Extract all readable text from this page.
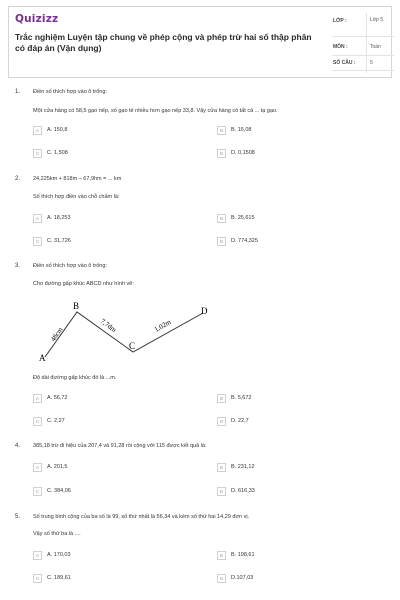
Quizizz
Trắc nghiệm Luyện tập chung về phép cộng và phép trừ hai số thập phân có đáp án (Vận dụng)
LỚP :	Lớp 5
MÔN :	Toán
SỐ CÂU :	5
1. Điền số thích hợp vào ô trống:
Một cửa hàng có 58,5 gạo nếp, số gạo tẻ nhiều hơn gạo nếp 33,8. Vậy cửa hàng có tất cả ... tạ gạo.
A	A. 150,8	B	B. 15,08
C	C. 1,508	D	D. 0,1508
2. 24,225km + 818m – 67,9hm = ... km
Số thích hợp điền vào chỗ chấm là:
A	A. 18,253	B	B. 25,615
C	C. 31,726	D	D. 774,325
3. Điền số thích hợp vào ô trống:
Cho đường gấp khúc ABCD như hình vẽ:
A
B
C
D
48cm
7,7dm	1,02m
Độ dài đường gấp khúc đó là ...m.
A	A. 56,72	B	B. 5,672
C	C. 2,27	D	D. 22,7
4. 385,18 trừ đi hiệu của 207,4 và 91,28 rồi cộng với 115 được kết quả là:
A	A. 201,5	B	B. 231,12
C	C. 384,06	D	D. 616,33
5. Số trung bình cộng của ba số là 99, số thứ nhất là 56,34 và kém số thứ hai 14,29 đơn vị.
Vậy số thứ ba là ....
A	A. 170,03	B	B. 198,61
C	C. 189,61	D	D.107,03
